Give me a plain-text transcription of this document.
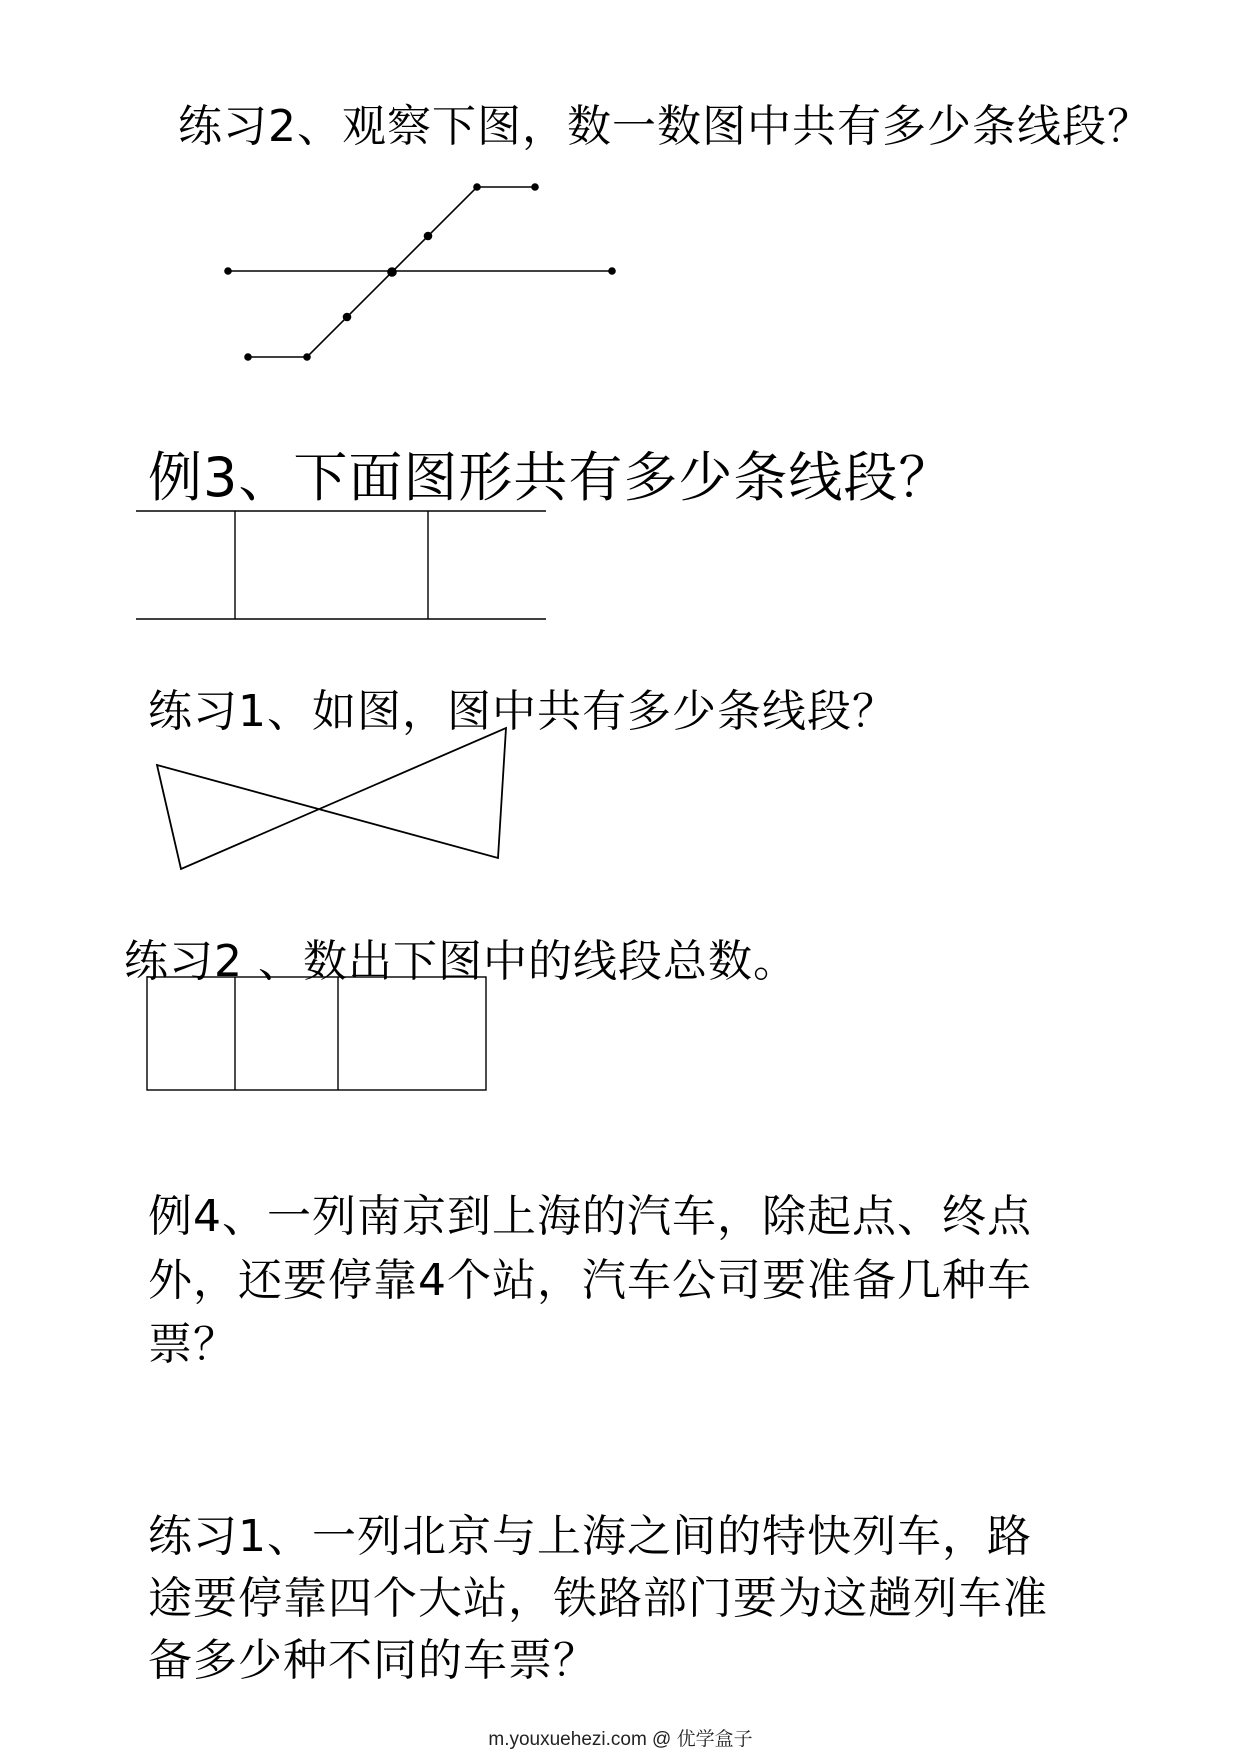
练习2、观察下图，数一数图中共有多少条线段？
例3、下面图形共有多少条线段？
练习1、如图，图中共有多少条线段？
练习2 、数出下图中的线段总数。
例4、一列南京到上海的汽车，除起点、终点
外，还要停靠4个站，汽车公司要准备几种车
票？
练习1、一列北京与上海之间的特快列车，路
途要停靠四个大站，铁路部门要为这趟列车准
备多少种不同的车票？
m.youxuehezi.com @ 优学盒子
